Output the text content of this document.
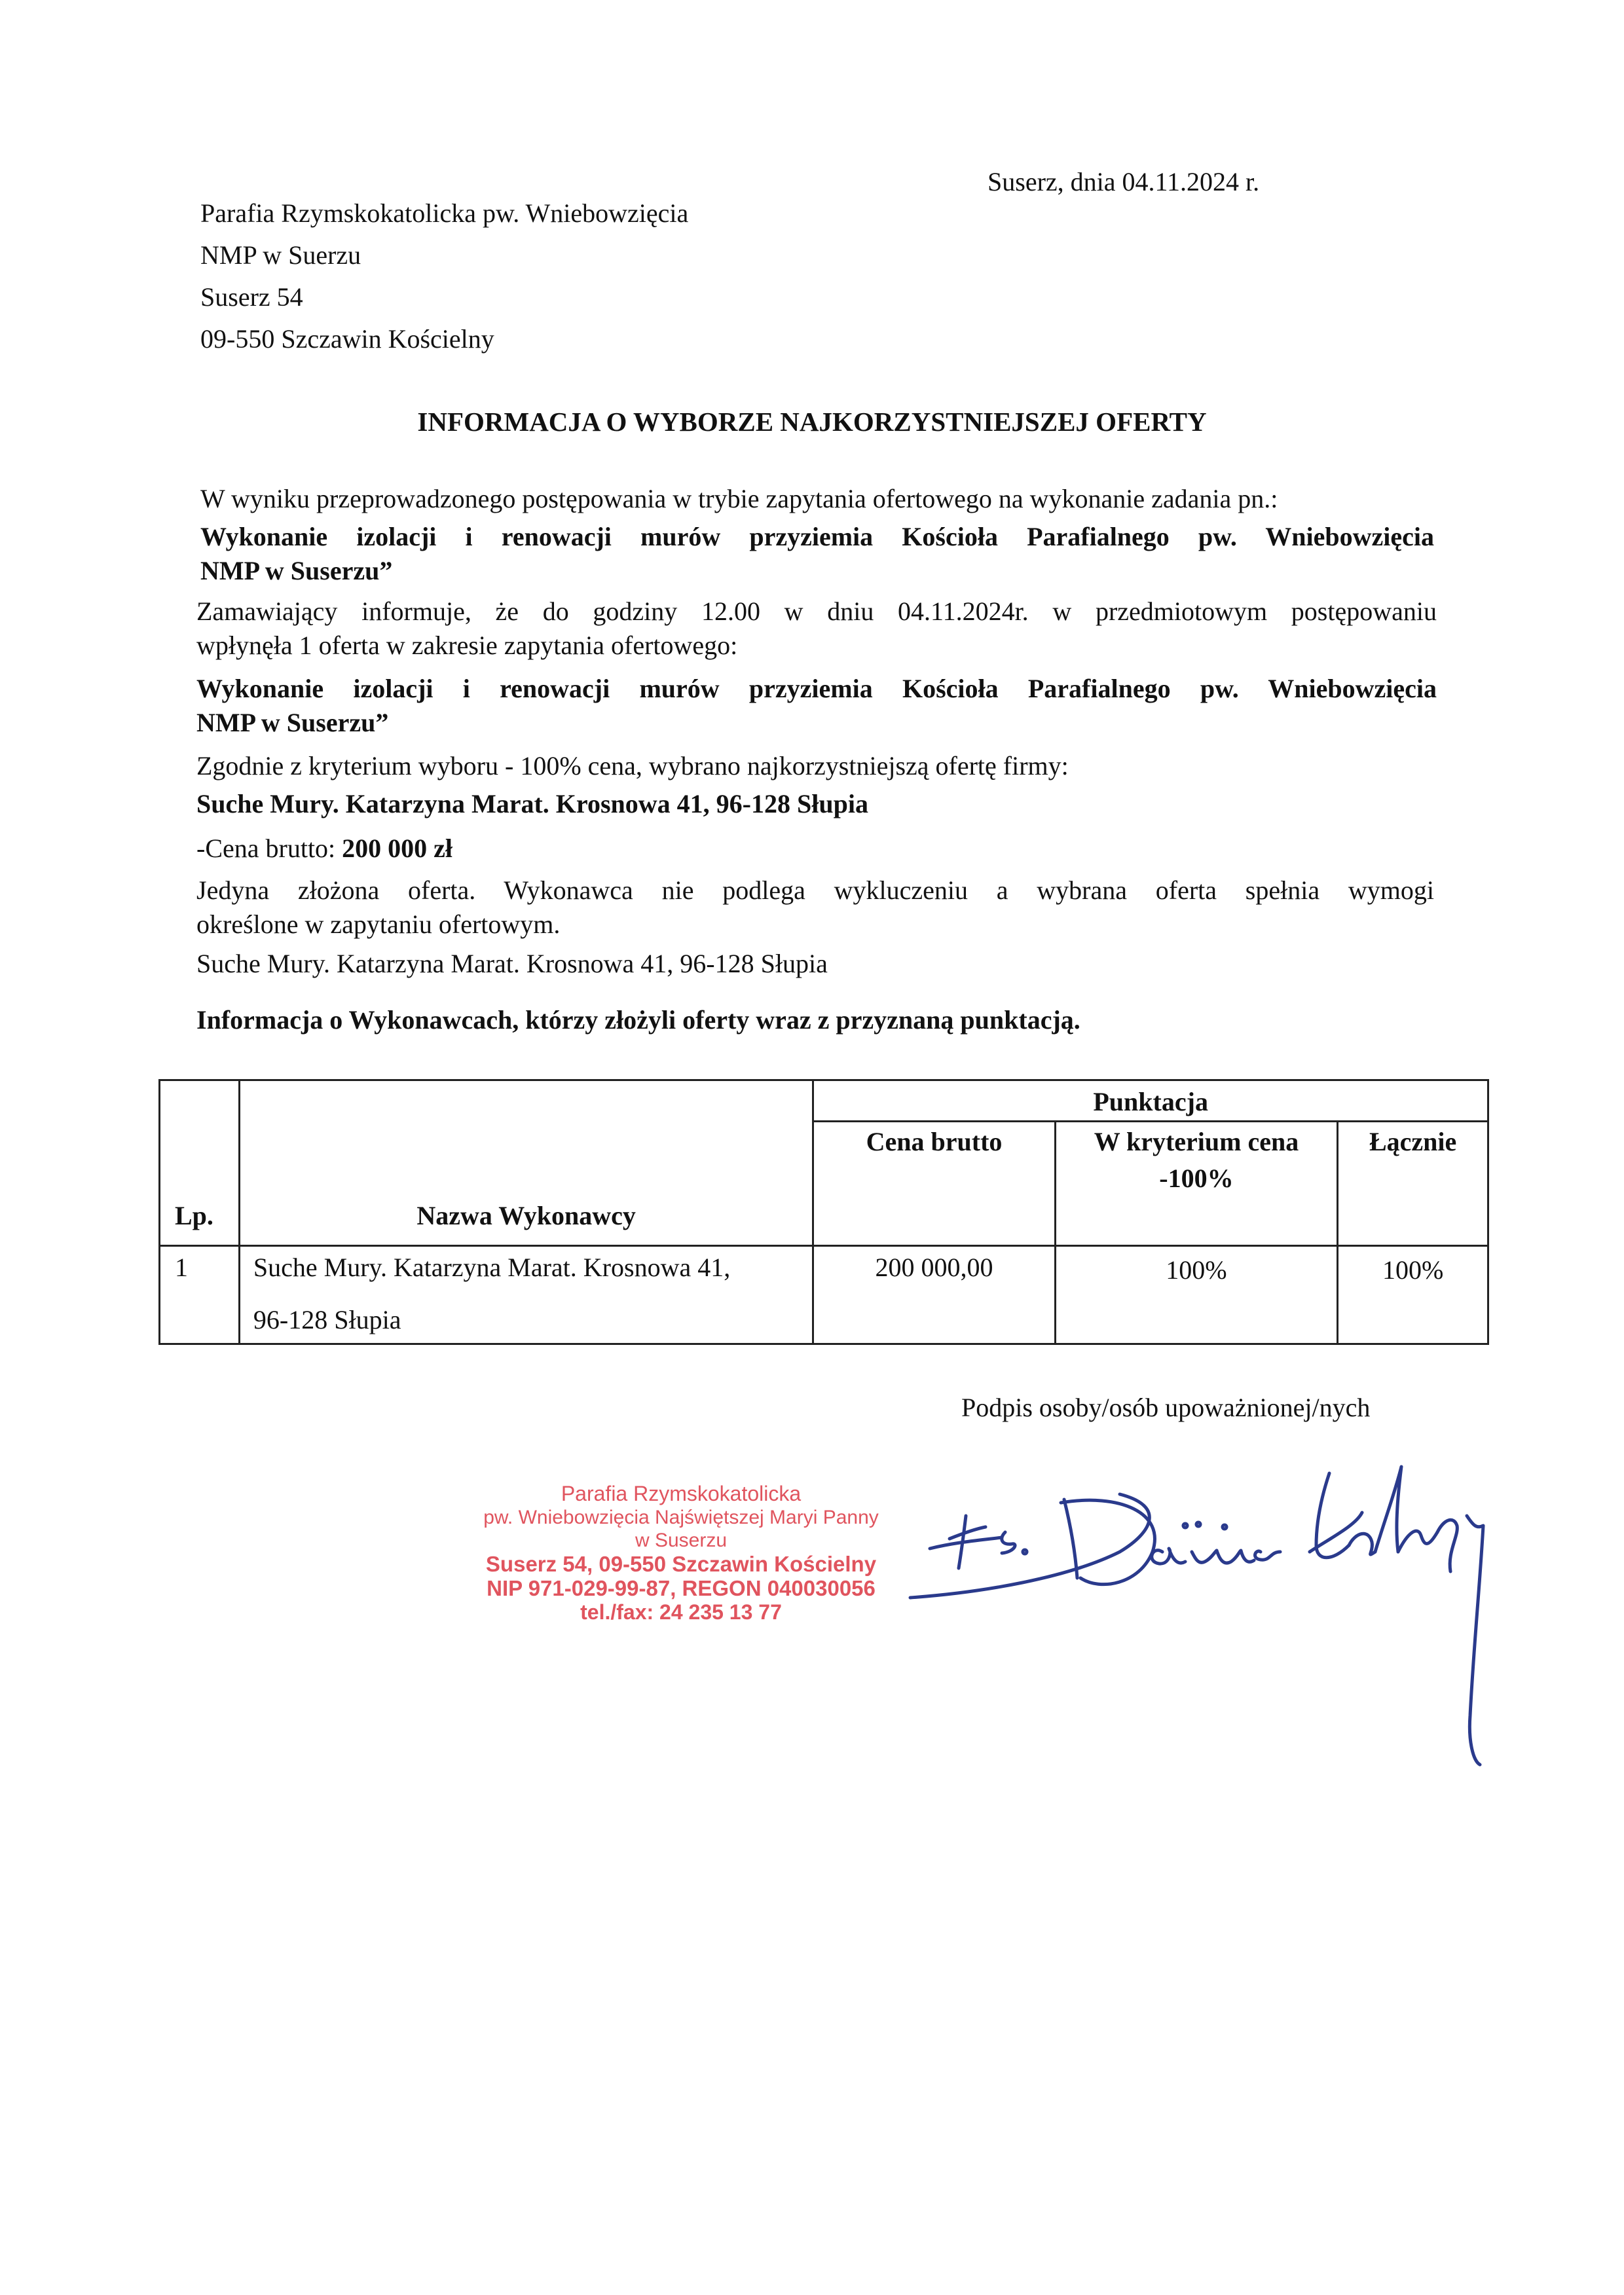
Suserz, dnia 04.11.2024 r.
Parafia Rzymskokatolicka pw. Wniebowzięcia
NMP w Suerzu
Suserz 54
09-550 Szczawin Kościelny
INFORMACJA O WYBORZE NAJKORZYSTNIEJSZEJ OFERTY
W wyniku przeprowadzonego postępowania w trybie zapytania ofertowego na wykonanie zadania pn.:
Wykonanie izolacji i renowacji murów przyziemia Kościoła Parafialnego pw. Wniebowzięcia
NMP w Suserzu”
Zamawiający informuje, że do godziny 12.00 w dniu 04.11.2024r. w przedmiotowym postępowaniu
wpłynęła 1 oferta w zakresie zapytania ofertowego:
Wykonanie izolacji i renowacji murów przyziemia Kościoła Parafialnego pw. Wniebowzięcia
NMP w Suserzu”
Zgodnie z kryterium wyboru - 100% cena, wybrano najkorzystniejszą ofertę firmy:
Suche Mury. Katarzyna Marat. Krosnowa 41, 96-128 Słupia
-Cena brutto: 200 000 zł
Jedyna złożona oferta. Wykonawca nie podlega wykluczeniu a wybrana oferta spełnia wymogi
określone w zapytaniu ofertowym.
Suche Mury. Katarzyna Marat. Krosnowa 41, 96-128 Słupia
Informacja o Wykonawcach, którzy złożyli oferty wraz z przyznaną punktacją.
Lp.	Nazwa Wykonawcy	Punktacja		
		Cena brutto	W kryterium cena -100%	Łącznie
1	Suche Mury. Katarzyna Marat. Krosnowa 41,
96-128 Słupia	200 000,00	100%	100%
Podpis osoby/osób upoważnionej/nych
Parafia Rzymskokatolicka
pw. Wniebowzięcia Najświętszej Maryi Panny
w Suserzu
Suserz 54, 09-550 Szczawin Kościelny
NIP 971-029-99-87, REGON 040030056
tel./fax: 24 235 13 77
